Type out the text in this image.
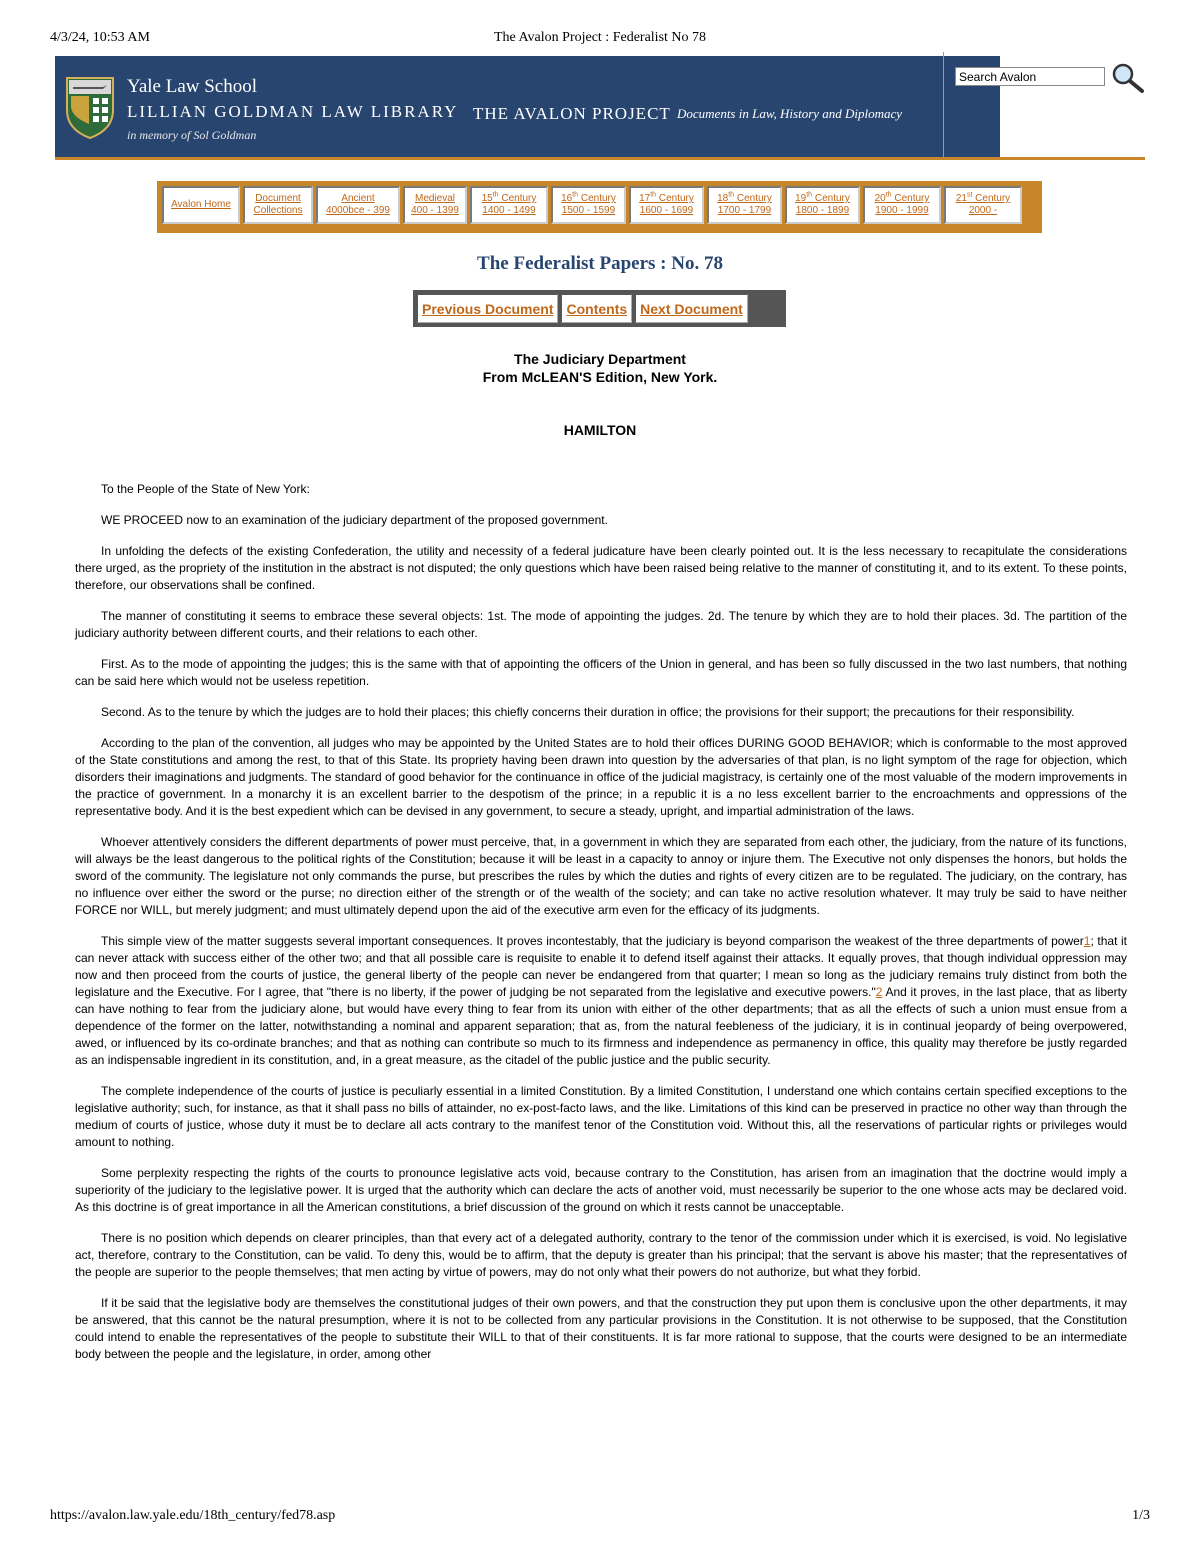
4/3/24, 10:53 AM	The Avalon Project : Federalist No 78
Yale Law School
LILLIAN GOLDMAN LAW LIBRARY
in memory of Sol Goldman
THE AVALON PROJECT Documents in Law, History and Diplomacy
Search Avalon
Avalon Home
Document
Collections
Ancient
4000bce - 399
Medieval
400 - 1399
15th Century
1400 - 1499
16th Century
1500 - 1599
17th Century
1600 - 1699
18th Century
1700 - 1799
19th Century
1800 - 1899
20th Century
1900 - 1999
21st Century
2000 -
The Federalist Papers : No. 78
Previous Document Contents Next Document
The Judiciary Department
From McLEAN'S Edition, New York.
HAMILTON

To the People of the State of New York:

WE PROCEED now to an examination of the judiciary department of the proposed government.

In unfolding the defects of the existing Confederation, the utility and necessity of a federal judicature have been clearly pointed out. It is the less necessary to recapitulate the considerations there urged, as the propriety of the institution in the abstract is not disputed; the only questions which have been raised being relative to the manner of constituting it, and to its extent. To these points, therefore, our observations shall be confined.

The manner of constituting it seems to embrace these several objects: 1st. The mode of appointing the judges. 2d. The tenure by which they are to hold their places. 3d. The partition of the judiciary authority between different courts, and their relations to each other.

First. As to the mode of appointing the judges; this is the same with that of appointing the officers of the Union in general, and has been so fully discussed in the two last numbers, that nothing can be said here which would not be useless repetition.

Second. As to the tenure by which the judges are to hold their places; this chiefly concerns their duration in office; the provisions for their support; the precautions for their responsibility.

According to the plan of the convention, all judges who may be appointed by the United States are to hold their offices DURING GOOD BEHAVIOR; which is conformable to the most approved of the State constitutions and among the rest, to that of this State. Its propriety having been drawn into question by the adversaries of that plan, is no light symptom of the rage for objection, which disorders their imaginations and judgments. The standard of good behavior for the continuance in office of the judicial magistracy, is certainly one of the most valuable of the modern improvements in the practice of government. In a monarchy it is an excellent barrier to the despotism of the prince; in a republic it is a no less excellent barrier to the encroachments and oppressions of the representative body. And it is the best expedient which can be devised in any government, to secure a steady, upright, and impartial administration of the laws.

Whoever attentively considers the different departments of power must perceive, that, in a government in which they are separated from each other, the judiciary, from the nature of its functions, will always be the least dangerous to the political rights of the Constitution; because it will be least in a capacity to annoy or injure them. The Executive not only dispenses the honors, but holds the sword of the community. The legislature not only commands the purse, but prescribes the rules by which the duties and rights of every citizen are to be regulated. The judiciary, on the contrary, has no influence over either the sword or the purse; no direction either of the strength or of the wealth of the society; and can take no active resolution whatever. It may truly be said to have neither FORCE nor WILL, but merely judgment; and must ultimately depend upon the aid of the executive arm even for the efficacy of its judgments.

This simple view of the matter suggests several important consequences. It proves incontestably, that the judiciary is beyond comparison the weakest of the three departments of power1; that it can never attack with success either of the other two; and that all possible care is requisite to enable it to defend itself against their attacks. It equally proves, that though individual oppression may now and then proceed from the courts of justice, the general liberty of the people can never be endangered from that quarter; I mean so long as the judiciary remains truly distinct from both the legislature and the Executive. For I agree, that "there is no liberty, if the power of judging be not separated from the legislative and executive powers."2 And it proves, in the last place, that as liberty can have nothing to fear from the judiciary alone, but would have every thing to fear from its union with either of the other departments; that as all the effects of such a union must ensue from a dependence of the former on the latter, notwithstanding a nominal and apparent separation; that as, from the natural feebleness of the judiciary, it is in continual jeopardy of being overpowered, awed, or influenced by its co-ordinate branches; and that as nothing can contribute so much to its firmness and independence as permanency in office, this quality may therefore be justly regarded as an indispensable ingredient in its constitution, and, in a great measure, as the citadel of the public justice and the public security.

The complete independence of the courts of justice is peculiarly essential in a limited Constitution. By a limited Constitution, I understand one which contains certain specified exceptions to the legislative authority; such, for instance, as that it shall pass no bills of attainder, no ex-post-facto laws, and the like. Limitations of this kind can be preserved in practice no other way than through the medium of courts of justice, whose duty it must be to declare all acts contrary to the manifest tenor of the Constitution void. Without this, all the reservations of particular rights or privileges would amount to nothing.

Some perplexity respecting the rights of the courts to pronounce legislative acts void, because contrary to the Constitution, has arisen from an imagination that the doctrine would imply a superiority of the judiciary to the legislative power. It is urged that the authority which can declare the acts of another void, must necessarily be superior to the one whose acts may be declared void. As this doctrine is of great importance in all the American constitutions, a brief discussion of the ground on which it rests cannot be unacceptable.

There is no position which depends on clearer principles, than that every act of a delegated authority, contrary to the tenor of the commission under which it is exercised, is void. No legislative act, therefore, contrary to the Constitution, can be valid. To deny this, would be to affirm, that the deputy is greater than his principal; that the servant is above his master; that the representatives of the people are superior to the people themselves; that men acting by virtue of powers, may do not only what their powers do not authorize, but what they forbid.

If it be said that the legislative body are themselves the constitutional judges of their own powers, and that the construction they put upon them is conclusive upon the other departments, it may be answered, that this cannot be the natural presumption, where it is not to be collected from any particular provisions in the Constitution. It is not otherwise to be supposed, that the Constitution could intend to enable the representatives of the people to substitute their WILL to that of their constituents. It is far more rational to suppose, that the courts were designed to be an intermediate body between the people and the legislature, in order, among other

https://avalon.law.yale.edu/18th_century/fed78.asp	1/3
